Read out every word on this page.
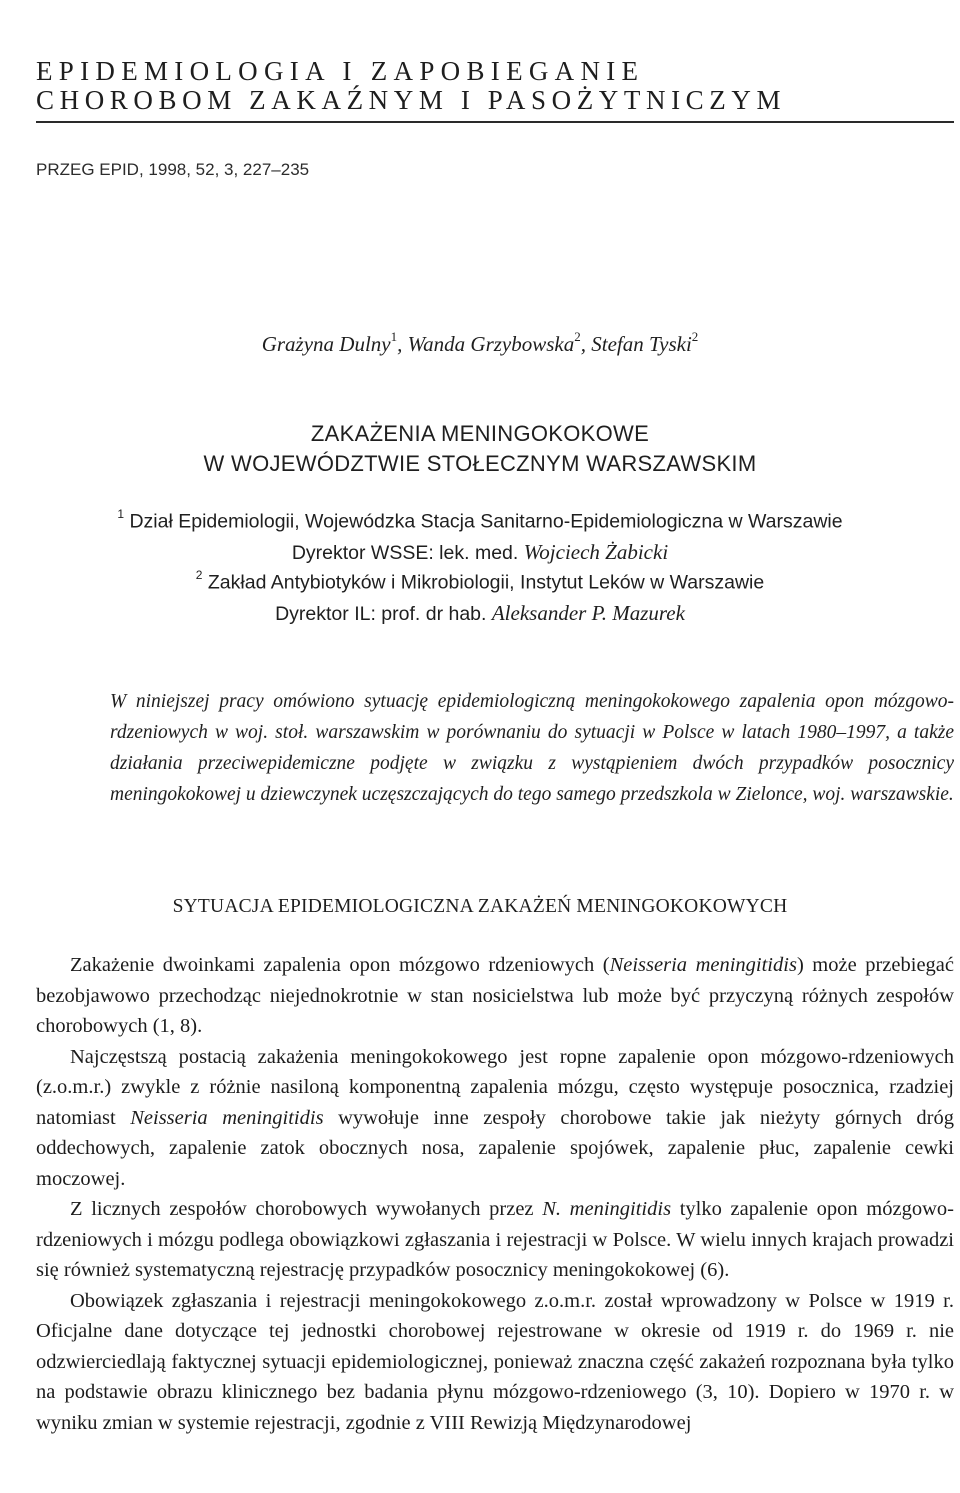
EPIDEMIOLOGIA I ZAPOBIEGANIE
CHOROBOM ZAKAŹNYM I PASOŻYTNICZYM
PRZEG EPID, 1998, 52, 3, 227–235
Grażyna Dulny$^1$, Wanda Grzybowska$^2$, Stefan Tyski$^2$
ZAKAŻENIA MENINGOKOKOWE
W WOJEWÓDZTWIE STOŁECZNYM WARSZAWSKIM
$^1$ Dział Epidemiologii, Wojewódzka Stacja Sanitarno-Epidemiologiczna w Warszawie
Dyrektor WSSE: lek. med. Wojciech Żabicki
$^2$ Zakład Antybiotyków i Mikrobiologii, Instytut Leków w Warszawie
Dyrektor IL: prof. dr hab. Aleksander P. Mazurek
W niniejszej pracy omówiono sytuację epidemiologiczną meningokokowego zapalenia opon mózgowo-rdzeniowych w woj. stoł. warszawskim w porównaniu do sytuacji w Polsce w latach 1980–1997, a także działania przeciwepidemiczne podjęte w związku z wystąpieniem dwóch przypadków posocznicy meningokokowej u dziewczynek uczęszczających do tego samego przedszkola w Zielonce, woj. warszawskie.
SYTUACJA EPIDEMIOLOGICZNA ZAKAŻEŃ MENINGOKOKOWYCH

Zakażenie dwoinkami zapalenia opon mózgowo rdzeniowych (Neisseria meningitidis) może przebiegać bezobjawowo przechodząc niejednokrotnie w stan nosicielstwa lub może być przyczyną różnych zespołów chorobowych (1, 8).

Najczęstszą postacią zakażenia meningokokowego jest ropne zapalenie opon mózgowo-rdzeniowych (z.o.m.r.) zwykle z różnie nasiloną komponentną zapalenia mózgu, często występuje posocznica, rzadziej natomiast Neisseria meningitidis wywołuje inne zespoły chorobowe takie jak nieżyty górnych dróg oddechowych, zapalenie zatok obocznych nosa, zapalenie spojówek, zapalenie płuc, zapalenie cewki moczowej.

Z licznych zespołów chorobowych wywołanych przez N. meningitidis tylko zapalenie opon mózgowo-rdzeniowych i mózgu podlega obowiązkowi zgłaszania i rejestracji w Polsce. W wielu innych krajach prowadzi się również systematyczną rejestrację przypadków posocznicy meningokokowej (6).

Obowiązek zgłaszania i rejestracji meningokokowego z.o.m.r. został wprowadzony w Polsce w 1919 r. Oficjalne dane dotyczące tej jednostki chorobowej rejestrowane w okresie od 1919 r. do 1969 r. nie odzwierciedlają faktycznej sytuacji epidemiologicznej, ponieważ znaczna część zakażeń rozpoznana była tylko na podstawie obrazu klinicznego bez badania płynu mózgowo-rdzeniowego (3, 10). Dopiero w 1970 r. w wyniku zmian w systemie rejestracji, zgodnie z VIII Rewizją Międzynarodowej
